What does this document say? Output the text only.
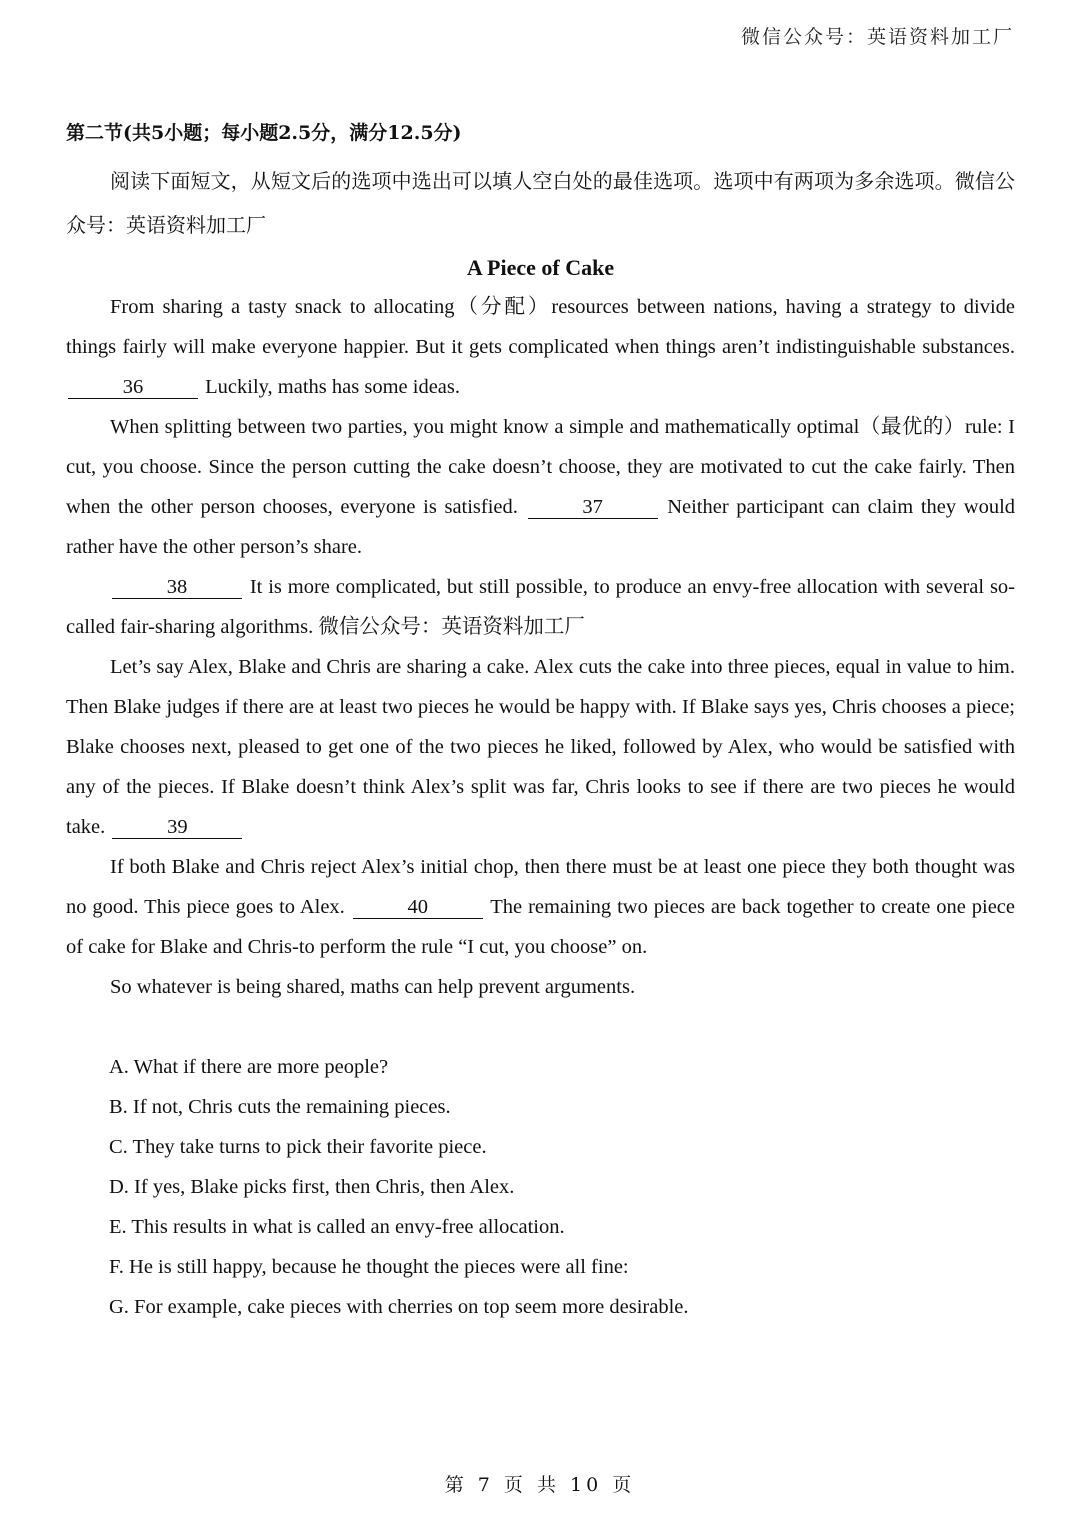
微信公众号：英语资料加工厂
第二节(共5小题；每小题2.5分，满分12.5分)

阅读下面短文，从短文后的选项中选出可以填人空白处的最佳选项。选项中有两项为多余选项。微信公众号：英语资料加工厂

A Piece of Cake

From sharing a tasty snack to allocating（分配）resources between nations, having a strategy to divide things fairly will make everyone happier. But it gets complicated when things aren’t indistinguishable substances. 36	Luckily, maths has some ideas.

When splitting between two parties, you might know a simple and mathematically optimal（最优的）rule: I cut, you choose. Since the person cutting the cake doesn’t choose, they are motivated to cut the cake fairly. Then when the other person chooses, everyone is satisfied.	37	Neither participant can claim they would rather have the other person’s share.

38	It is more complicated, but still possible, to produce an envy-free allocation with several so-called fair-sharing algorithms. 微信公众号：英语资料加工厂

Let’s say Alex, Blake and Chris are sharing a cake. Alex cuts the cake into three pieces, equal in value to him. Then Blake judges if there are at least two pieces he would be happy with. If Blake says yes, Chris chooses a piece; Blake chooses next, pleased to get one of the two pieces he liked, followed by Alex, who would be satisfied with any of the pieces. If Blake doesn’t think Alex’s split was far, Chris looks to see if there are two pieces he would take.	39

If both Blake and Chris reject Alex’s initial chop, then there must be at least one piece they both thought was no good. This piece goes to Alex.	40	The remaining two pieces are back together to create one piece of cake for Blake and Chris-to perform the rule “I cut, you choose” on.

So whatever is being shared, maths can help prevent arguments.

A. What if there are more people?

B. If not, Chris cuts the remaining pieces.

C. They take turns to pick their favorite piece.

D. If yes, Blake picks first, then Chris, then Alex.

E. This results in what is called an envy-free allocation.

F. He is still happy, because he thought the pieces were all fine:

G. For example, cake pieces with cherries on top seem more desirable.

第 7 页 共 10 页
